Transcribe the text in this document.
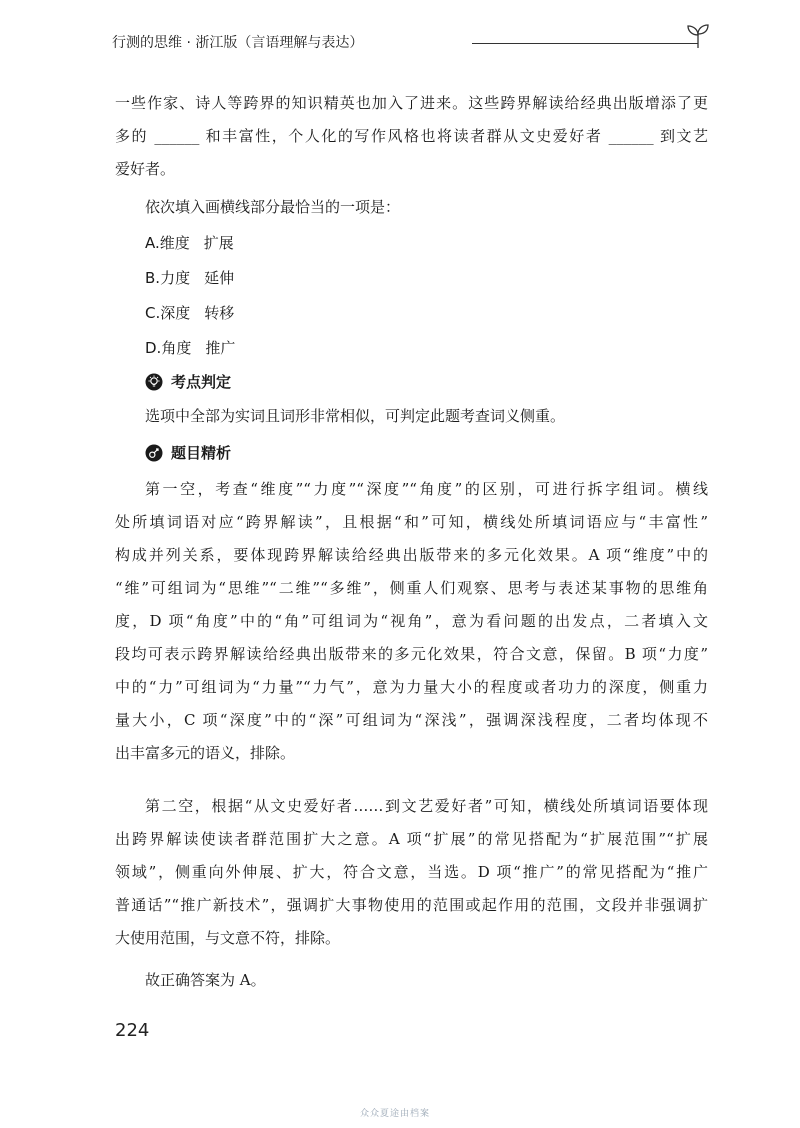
行测的思维 · 浙江版（言语理解与表达）
一些作家、诗人等跨界的知识精英也加入了进来。这些跨界解读给经典出版增添了更
多的 ______ 和丰富性，个人化的写作风格也将读者群从文史爱好者 ______ 到文艺
爱好者。
依次填入画横线部分最恰当的一项是：
A.维度 扩展
B.力度 延伸
C.深度 转移
D.角度 推广
考点判定
选项中全部为实词且词形非常相似，可判定此题考查词义侧重。
题目精析
第一空，考查“维度”“力度”“深度”“角度”的区别，可进行拆字组词。横线
处所填词语对应“跨界解读”，且根据“和”可知，横线处所填词语应与“丰富性”
构成并列关系，要体现跨界解读给经典出版带来的多元化效果。A 项“维度”中的
“维”可组词为“思维”“二维”“多维”，侧重人们观察、思考与表述某事物的思维角
度，D 项“角度”中的“角”可组词为“视角”，意为看问题的出发点，二者填入文
段均可表示跨界解读给经典出版带来的多元化效果，符合文意，保留。B 项“力度”
中的“力”可组词为“力量”“力气”，意为力量大小的程度或者功力的深度，侧重力
量大小，C 项“深度”中的“深”可组词为“深浅”，强调深浅程度，二者均体现不
出丰富多元的语义，排除。
第二空，根据“从文史爱好者……到文艺爱好者”可知，横线处所填词语要体现
出跨界解读使读者群范围扩大之意。A 项“扩展”的常见搭配为“扩展范围”“扩展
领域”，侧重向外伸展、扩大，符合文意，当选。D 项“推广”的常见搭配为“推广
普通话”“推广新技术”，强调扩大事物使用的范围或起作用的范围，文段并非强调扩
大使用范围，与文意不符，排除。
故正确答案为 A。
224
众众夏途由档案
